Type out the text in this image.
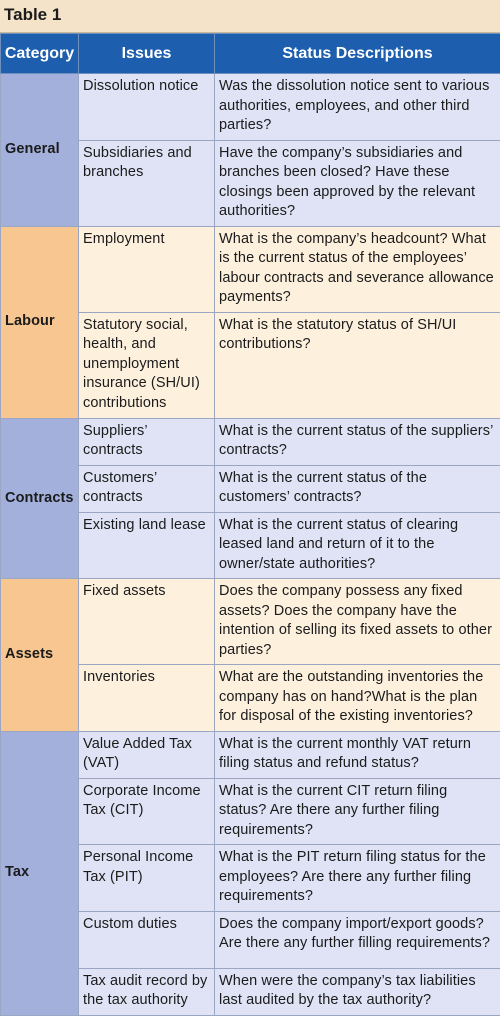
Table 1
Category	Issues	Status Descriptions
General	Dissolution notice	Was the dissolution notice sent to various authorities, employees, and other third parties?
	Subsidiaries and branches	Have the company’s subsidiaries and branches been closed? Have these closings been approved by the relevant authorities?
Labour	Employment	What is the company’s headcount? What is the current status of the employees’ labour contracts and severance allowance payments?
	Statutory social, health, and unemployment insurance (SH/UI) contributions	What is the statutory status of SH/UI contributions?
Contracts	Suppliers’ contracts	What is the current status of the suppliers’ contracts?
	Customers’ contracts	What is the current status of the customers’ contracts?
	Existing land lease	What is the current status of clearing leased land and return of it to the owner/state authorities?
Assets	Fixed assets	Does the company possess any fixed assets? Does the company have the intention of selling its fixed assets to other parties?
	Inventories	What are the outstanding inventories the company has on hand?What is the plan for disposal of the existing inventories?
Tax	Value Added Tax (VAT)	What is the current monthly VAT return filing status and refund status?
	Corporate Income Tax (CIT)	What is the current CIT return filing status? Are there any further filing requirements?
	Personal Income Tax (PIT)	What is the PIT return filing status for the employees? Are there any further filing requirements?
	Custom duties	Does the company import/export goods? Are there any further filling requirements?
	Tax audit record by the tax authority	When were the company’s tax liabilities last audited by the tax authority?
